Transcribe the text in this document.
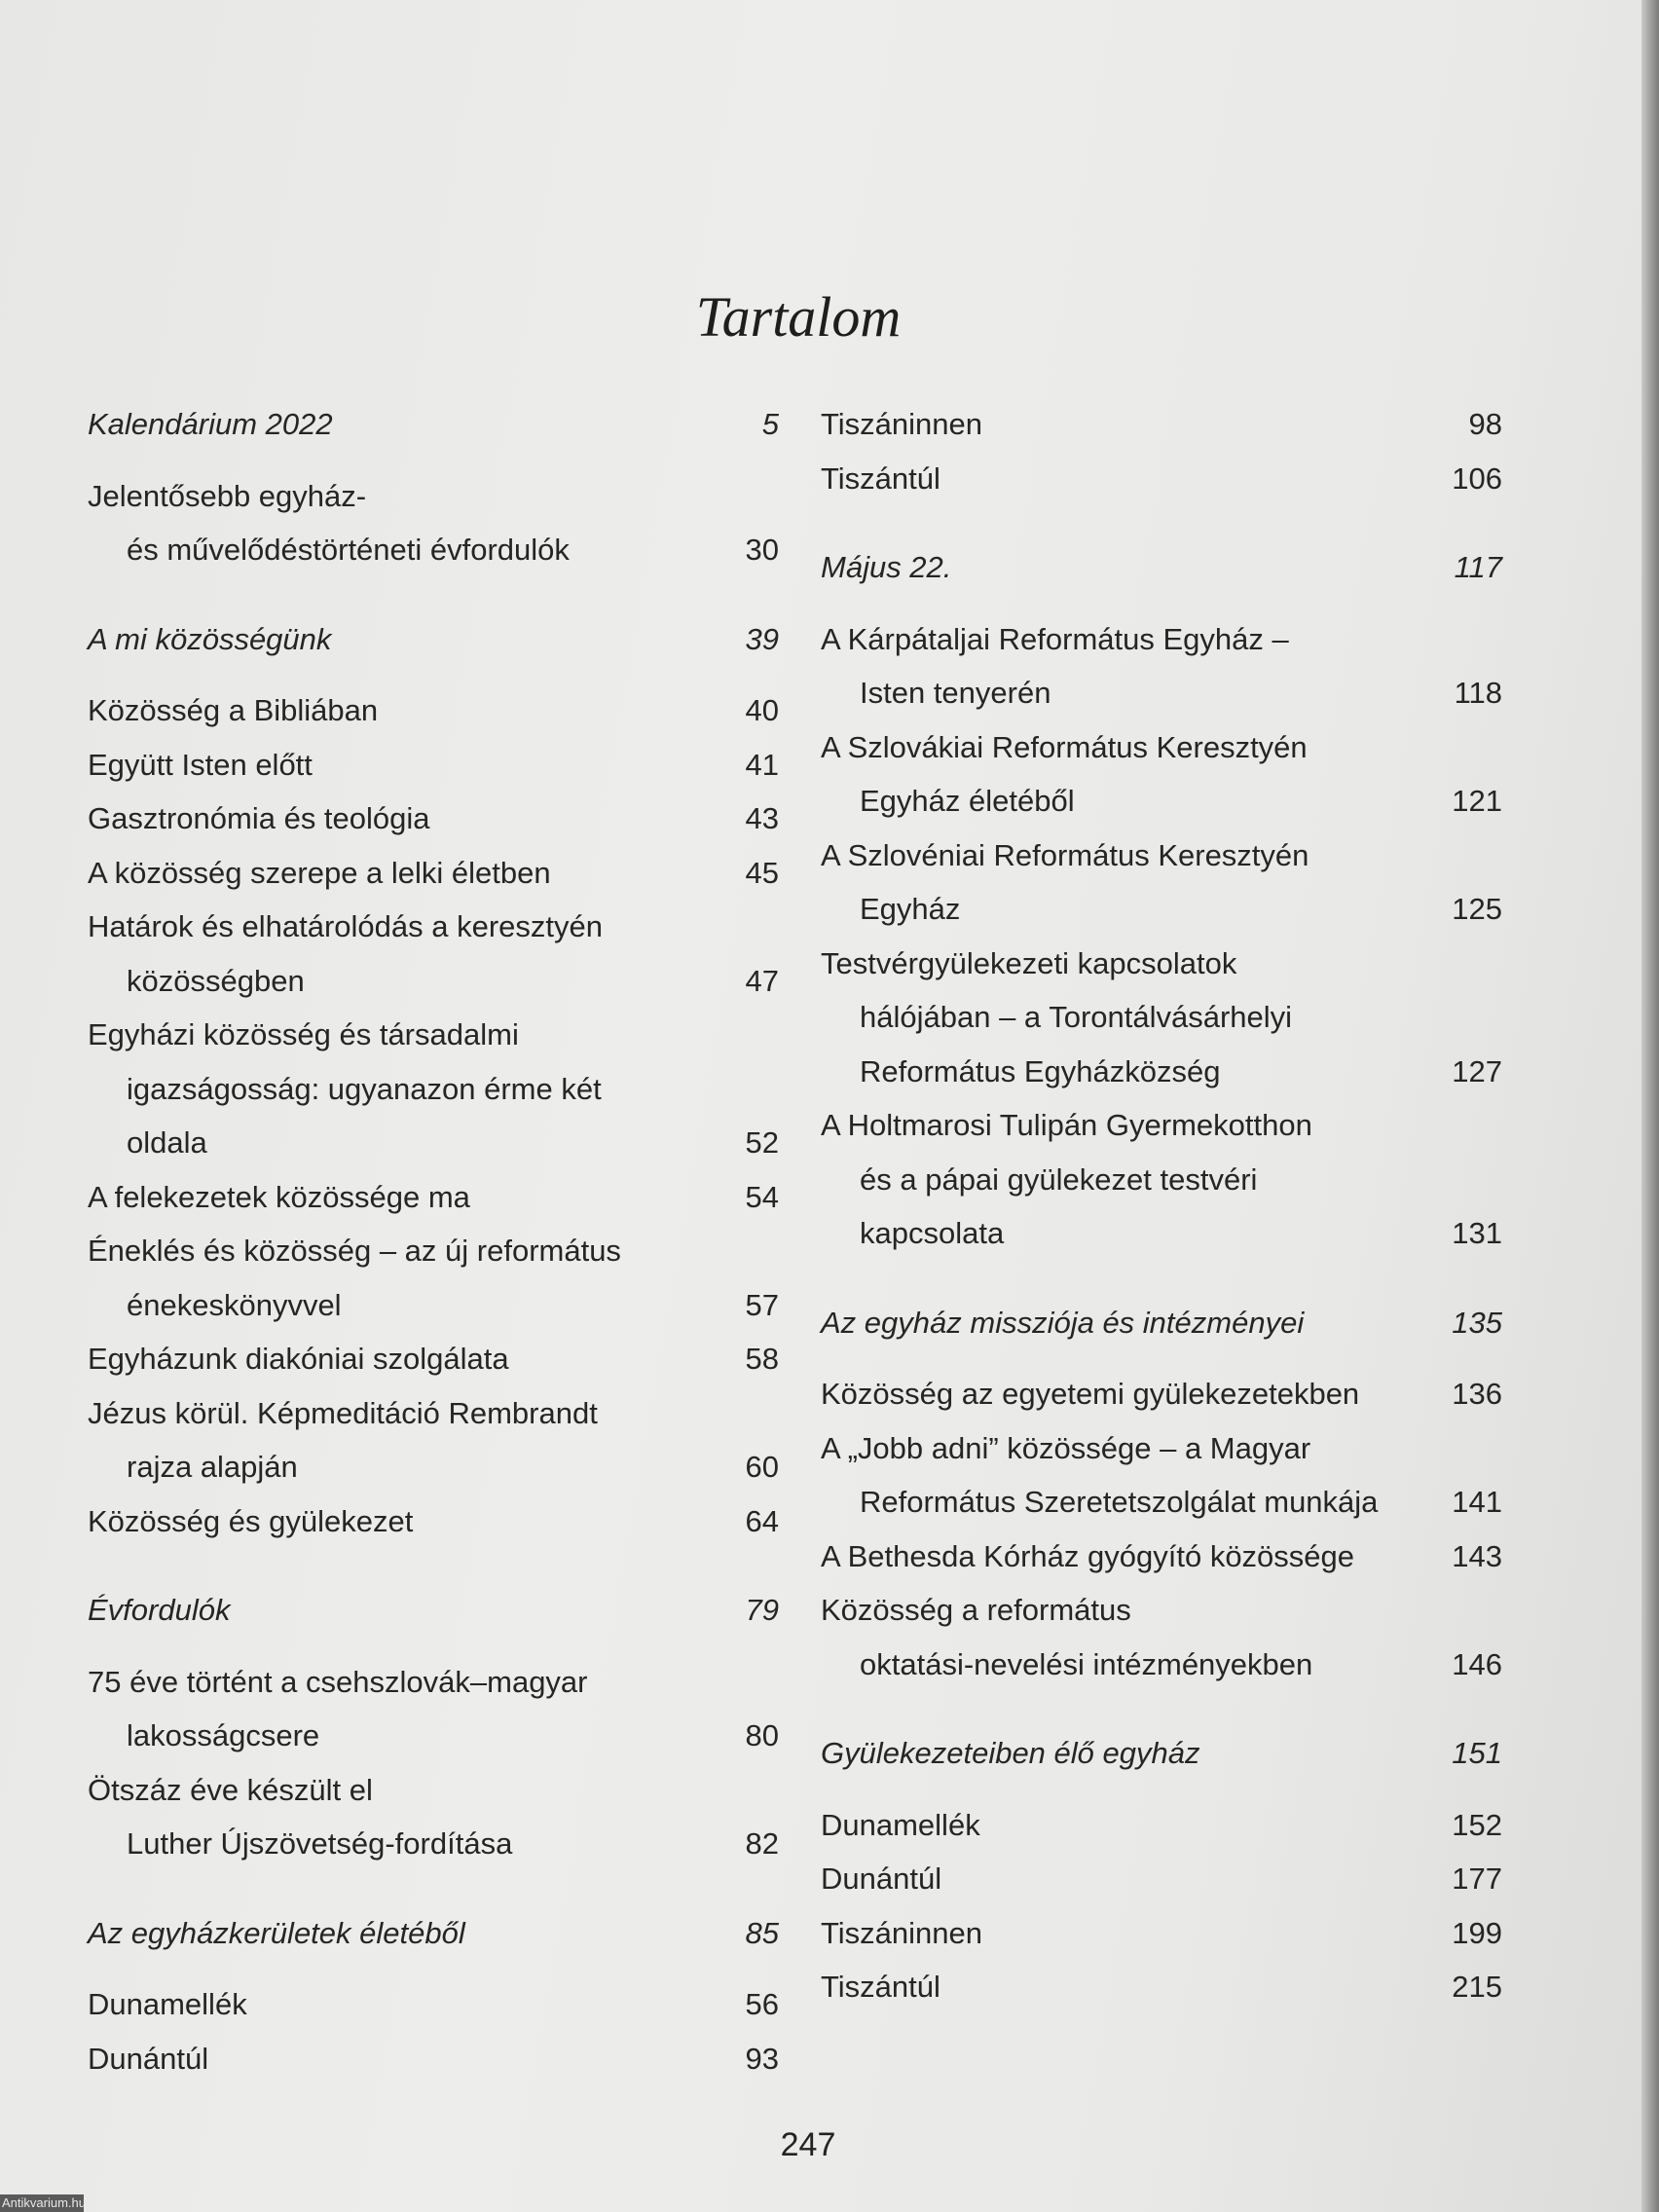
Tartalom
Kalendárium 2022	5
Jelentősebb egyház-
és művelődéstörténeti évfordulók	30
A mi közösségünk	39
Közösség a Bibliában	40
Együtt Isten előtt	41
Gasztronómia és teológia	43
A közösség szerepe a lelki életben	45
Határok és elhatárolódás a keresztyén
közösségben	47
Egyházi közösség és társadalmi
igazságosság: ugyanazon érme két
oldala	52
A felekezetek közössége ma	54
Éneklés és közösség – az új református
énekeskönyvvel	57
Egyházunk diakóniai szolgálata	58
Jézus körül. Képmeditáció Rembrandt
rajza alapján	60
Közösség és gyülekezet	64
Évfordulók	79
75 éve történt a csehszlovák–magyar
lakosságcsere	80
Ötszáz éve készült el
Luther Újszövetség-fordítása	82
Az egyházkerületek életéből	85
Dunamellék	56
Dunántúl	93
Tiszáninnen	98
Tiszántúl	106
Május 22.	117
A Kárpátaljai Református Egyház –
Isten tenyerén	118
A Szlovákiai Református Keresztyén
Egyház életéből	121
A Szlovéniai Református Keresztyén
Egyház	125
Testvérgyülekezeti kapcsolatok
hálójában – a Torontálvásárhelyi
Református Egyházközség	127
A Holtmarosi Tulipán Gyermekotthon
és a pápai gyülekezet testvéri
kapcsolata	131
Az egyház missziója és intézményei	135
Közösség az egyetemi gyülekezetekben	136
A „Jobb adni” közössége – a Magyar
Református Szeretetszolgálat munkája	141
A Bethesda Kórház gyógyító közössége	143
Közösség a református
oktatási-nevelési intézményekben	146
Gyülekezeteiben élő egyház	151
Dunamellék	152
Dunántúl	177
Tiszáninnen	199
Tiszántúl	215
247
Antikvarium.hu
